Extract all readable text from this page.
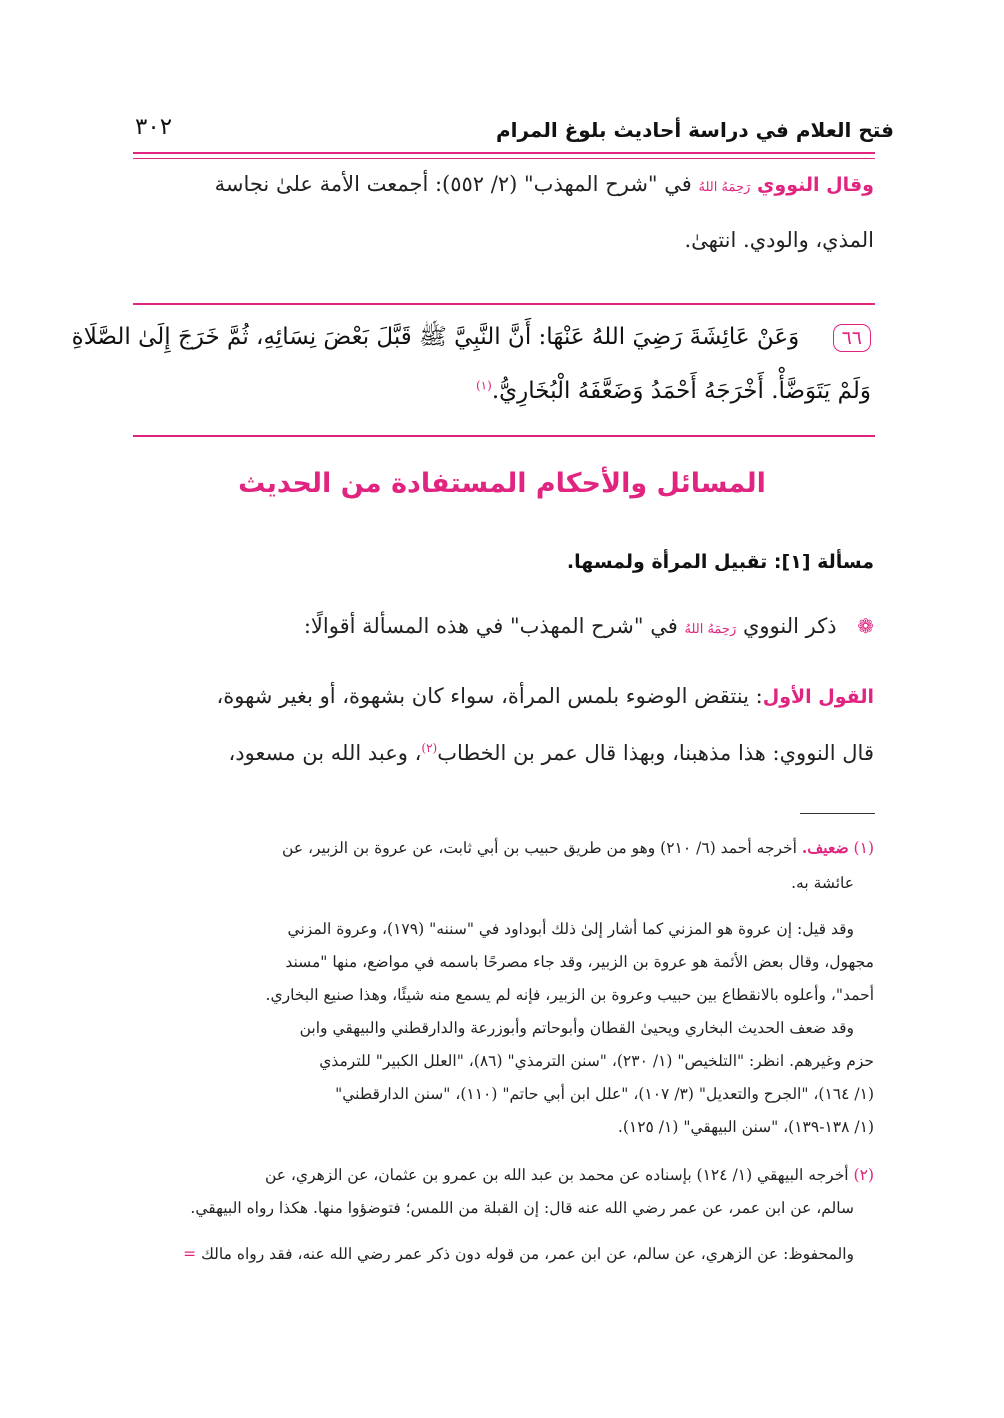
فتح العلام في دراسة أحاديث بلوغ المرام
٣٠٢
وقال النووي رَحِمَهُ اللهُ في "شرح المهذب" (٢/ ٥٥٢): أجمعت الأمة علىٰ نجاسة
المذي، والودي. انتهىٰ.
٦٦ وَعَنْ عَائِشَةَ رَضِيَ اللهُ عَنْهَا: أَنَّ النَّبِيَّ ﷺ قَبَّلَ بَعْضَ نِسَائِهِ، ثُمَّ خَرَجَ إِلَىٰ الصَّلَاةِ
وَلَمْ يَتَوَضَّأْ. أَخْرَجَهُ أَحْمَدُ وَضَعَّفَهُ الْبُخَارِيُّ.$^{(١)}$
المسائل والأحكام المستفادة من الحديث
مسألة [١]: تقبيل المرأة ولمسها.
❁ ذكر النووي رَحِمَهُ اللهُ في "شرح المهذب" في هذه المسألة أقوالًا:
القول الأول: ينتقض الوضوء بلمس المرأة، سواء كان بشهوة، أو بغير شهوة،
قال النووي: هذا مذهبنا، وبهذا قال عمر بن الخطاب$^{(٢)}$، وعبد الله بن مسعود،
(١) ضعيف. أخرجه أحمد (٦/ ٢١٠) وهو من طريق حبيب بن أبي ثابت، عن عروة بن الزبير، عن
عائشة به.
وقد قيل: إن عروة هو المزني كما أشار إلىٰ ذلك أبوداود في "سننه" (١٧٩)، وعروة المزني
مجهول، وقال بعض الأئمة هو عروة بن الزبير، وقد جاء مصرحًا باسمه في مواضع، منها "مسند
أحمد"، وأعلوه بالانقطاع بين حبيب وعروة بن الزبير، فإنه لم يسمع منه شيئًا، وهذا صنيع البخاري.
وقد ضعف الحديث البخاري ويحيىٰ القطان وأبوحاتم وأبوزرعة والدارقطني والبيهقي وابن
حزم وغيرهم. انظر: "التلخيص" (١/ ٢٣٠)، "سنن الترمذي" (٨٦)، "العلل الكبير" للترمذي
(١/ ١٦٤)، "الجرح والتعديل" (٣/ ١٠٧)، "علل ابن أبي حاتم" (١١٠)، "سنن الدارقطني"
(١/ ١٣٨-١٣٩)، "سنن البيهقي" (١/ ١٢٥).
(٢) أخرجه البيهقي (١/ ١٢٤) بإسناده عن محمد بن عبد الله بن عمرو بن عثمان، عن الزهري، عن
سالم، عن ابن عمر، عن عمر رضي الله عنه قال: إن القبلة من اللمس؛ فتوضؤوا منها. هكذا رواه البيهقي.
والمحفوظ: عن الزهري، عن سالم، عن ابن عمر، من قوله دون ذكر عمر رضي الله عنه، فقد رواه مالك =
